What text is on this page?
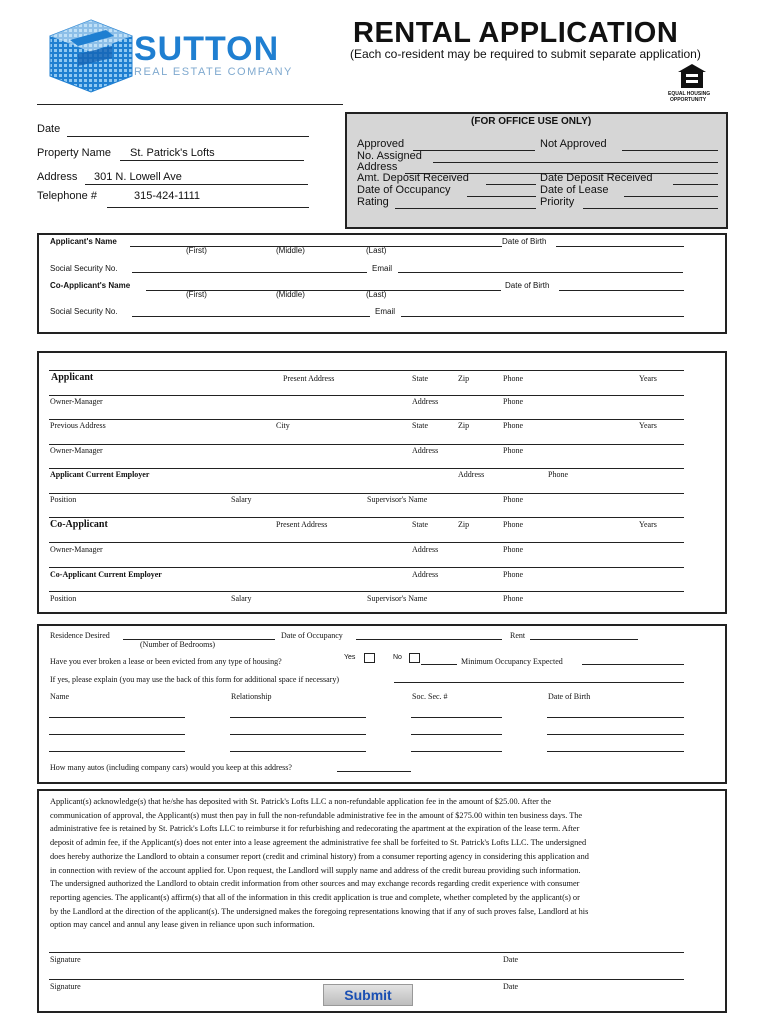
SUTTON
REAL ESTATE COMPANY
RENTAL APPLICATION
(Each co-resident may be required to submit separate application)
EQUAL HOUSING
OPPORTUNITY
Date
Property Name St. Patrick's Lofts
Address 301 N. Lowell Ave
Telephone #	315-424-1111
(FOR OFFICE USE ONLY)
Approved	Not Approved
No. Assigned
Address
Amt. Deposit Received	Date Deposit Received
Date of Occupancy	Date of Lease
Rating	Priority
Applicant's Name	Date of Birth
(First)	(Middle)	(Last)
Social Security No.	Email
Co-Applicant's Name	Date of Birth
(First)	(Middle)	(Last)
Social Security No.	Email
Applicant	Present Address	State	Zip	Phone	Years
Owner-Manager	Address	Phone
Previous Address	City	State	Zip	Phone	Years
Owner-Manager	Address	Phone
Applicant Current Employer	Address	Phone
Position	Salary	Supervisor's Name	Phone
Co-Applicant	Present Address	State	Zip	Phone	Years
Owner-Manager	Address	Phone
Co-Applicant Current Employer	Address	Phone
Position	Salary	Supervisor's Name	Phone
Residence Desired
(Number of Bedrooms)
Date of Occupancy	Rent
Have you ever broken a lease or been evicted from any type of housing?	Yes	No	Minimum Occupancy Expected
If yes, please explain (you may use the back of this form for additional space if necessary)
Name	Relationship	Soc. Sec. #	Date of Birth
How many autos (including company cars) would you keep at this address?
Applicant(s) acknowledge(s) that he/she has deposited with St. Patrick's Lofts LLC a non-refundable application fee in the amount of $25.00. After the
communication of approval, the Applicant(s) must then pay in full the non-refundable administrative fee in the amount of $275.00 within ten business days. The
administrative fee is retained by St. Patrick's Lofts LLC to reimburse it for refurbishing and redecorating the apartment at the expiration of the lease term. After
deposit of admin fee, if the Applicant(s) does not enter into a lease agreement the administrative fee shall be forfeited to St. Patrick's Lofts LLC. The undersigned
does hereby authorize the Landlord to obtain a consumer report (credit and criminal history) from a consumer reporting agency in considering this application and
in connection with review of the account applied for. Upon request, the Landlord will supply name and address of the credit bureau providing such information.
The undersigned authorized the Landlord to obtain credit information from other sources and may exchange records regarding credit experience with consumer
reporting agencies. The applicant(s) affirm(s) that all of the information in this credit application is true and complete, whether completed by the applicant(s) or
by the Landlord at the direction of the applicant(s). The undersigned makes the foregoing representations knowing that if any of such proves false, Landlord at his
option may cancel and annul any lease given in reliance upon such information.
Signature	Date
Signature	Date
Submit
